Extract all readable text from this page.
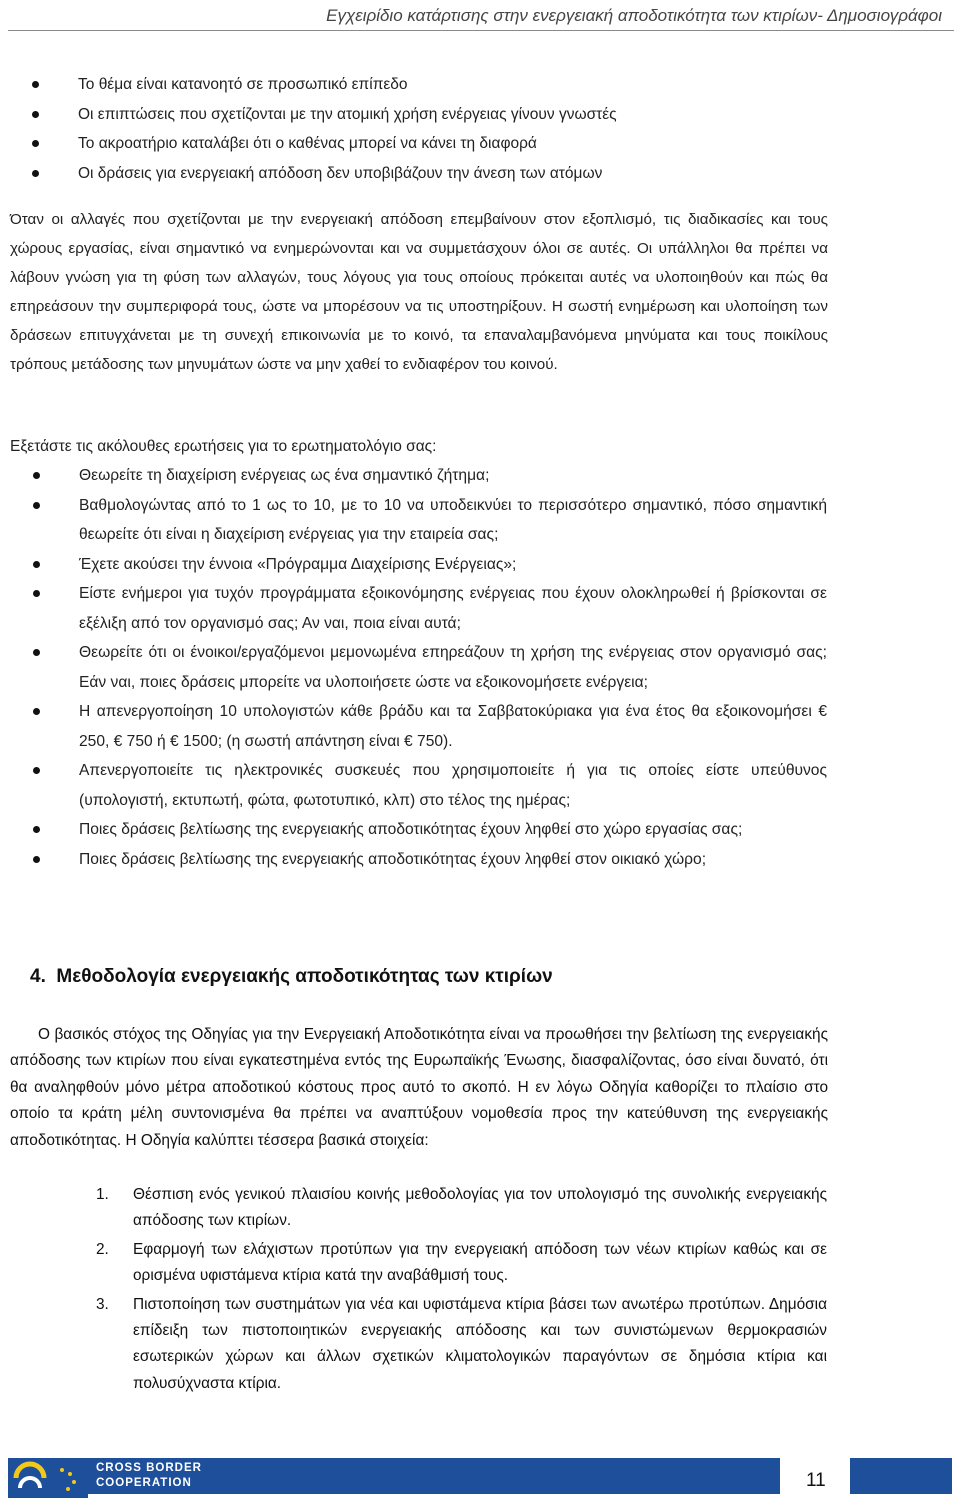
Εγχειρίδιο κατάρτισης στην ενεργειακή αποδοτικότητα των κτιρίων- Δημοσιογράφοι
Το θέμα είναι κατανοητό σε προσωπικό επίπεδο
Οι επιπτώσεις που σχετίζονται με την ατομική χρήση ενέργειας γίνουν γνωστές
Το ακροατήριο καταλάβει ότι ο καθένας μπορεί να κάνει τη διαφορά
Οι δράσεις για ενεργειακή απόδοση δεν υποβιβάζουν την άνεση των ατόμων

Όταν οι αλλαγές που σχετίζονται με την ενεργειακή απόδοση επεμβαίνουν στον εξοπλισμό, τις διαδικασίες και τους χώρους εργασίας, είναι σημαντικό να ενημερώνονται και να συμμετάσχουν όλοι σε αυτές. Οι υπάλληλοι θα πρέπει να λάβουν γνώση για τη φύση των αλλαγών, τους λόγους για τους οποίους πρόκειται αυτές να υλοποιηθούν και πώς θα επηρεάσουν την συμπεριφορά τους, ώστε να μπορέσουν να τις υποστηρίξουν. Η σωστή ενημέρωση και υλοποίηση των δράσεων επιτυγχάνεται με τη συνεχή επικοινωνία με το κοινό, τα επαναλαμβανόμενα μηνύματα και τους ποικίλους τρόπους μετάδοσης των μηνυμάτων ώστε να μην χαθεί το ενδιαφέρον του κοινού.

Εξετάστε τις ακόλουθες ερωτήσεις για το ερωτηματολόγιο σας:
Θεωρείτε τη διαχείριση ενέργειας ως ένα σημαντικό ζήτημα;
Βαθμολογώντας από το 1 ως το 10, με το 10 να υποδεικνύει το περισσότερο σημαντικό, πόσο σημαντική θεωρείτε ότι είναι η διαχείριση ενέργειας για την εταιρεία σας;
Έχετε ακούσει την έννοια «Πρόγραμμα Διαχείρισης Ενέργειας»;
Είστε ενήμεροι για τυχόν προγράμματα εξοικονόμησης ενέργειας που έχουν ολοκληρωθεί ή βρίσκονται σε εξέλιξη από τον οργανισμό σας; Αν ναι, ποια είναι αυτά;
Θεωρείτε ότι οι ένοικοι/εργαζόμενοι μεμονωμένα επηρεάζουν τη χρήση της ενέργειας στον οργανισμό σας; Εάν ναι, ποιες δράσεις μπορείτε να υλοποιήσετε ώστε να εξοικονομήσετε ενέργεια;
Η απενεργοποίηση 10 υπολογιστών κάθε βράδυ και τα Σαββατοκύριακα για ένα έτος θα εξοικονομήσει € 250, € 750 ή € 1500; (η σωστή απάντηση είναι € 750).
Απενεργοποιείτε τις ηλεκτρονικές συσκευές που χρησιμοποιείτε ή για τις οποίες είστε υπεύθυνος (υπολογιστή, εκτυπωτή, φώτα, φωτοτυπικό, κλπ) στο τέλος της ημέρας;
Ποιες δράσεις βελτίωσης της ενεργειακής αποδοτικότητας έχουν ληφθεί στο χώρο εργασίας σας;
Ποιες δράσεις βελτίωσης της ενεργειακής αποδοτικότητας έχουν ληφθεί στον οικιακό χώρο;
4. Μεθοδολογία ενεργειακής αποδοτικότητας των κτιρίων

Ο βασικός στόχος της Οδηγίας για την Ενεργειακή Αποδοτικότητα είναι να προωθήσει την βελτίωση της ενεργειακής απόδοσης των κτιρίων που είναι εγκατεστημένα εντός της Ευρωπαϊκής Ένωσης, διασφαλίζοντας, όσο είναι δυνατό, ότι θα αναληφθούν μόνο μέτρα αποδοτικού κόστους προς αυτό το σκοπό. Η εν λόγω Οδηγία καθορίζει το πλαίσιο στο οποίο τα κράτη μέλη συντονισμένα θα πρέπει να αναπτύξουν νομοθεσία προς την κατεύθυνση της ενεργειακής αποδοτικότητας. Η Οδηγία καλύπτει τέσσερα βασικά στοιχεία:

1. Θέσπιση ενός γενικού πλαισίου κοινής μεθοδολογίας για τον υπολογισμό της συνολικής ενεργειακής απόδοσης των κτιρίων.
2. Εφαρμογή των ελάχιστων προτύπων για την ενεργειακή απόδοση των νέων κτιρίων καθώς και σε ορισμένα υφιστάμενα κτίρια κατά την αναβάθμισή τους.
3. Πιστοποίηση των συστημάτων για νέα και υφιστάμενα κτίρια βάσει των ανωτέρω προτύπων. Δημόσια επίδειξη των πιστοποιητικών ενεργειακής απόδοσης και των συνιστώμενων θερμοκρασιών εσωτερικών χώρων και άλλων σχετικών κλιματολογικών παραγόντων σε δημόσια κτίρια και πολυσύχναστα κτίρια.
CROSS BORDER
COOPERATION	11
